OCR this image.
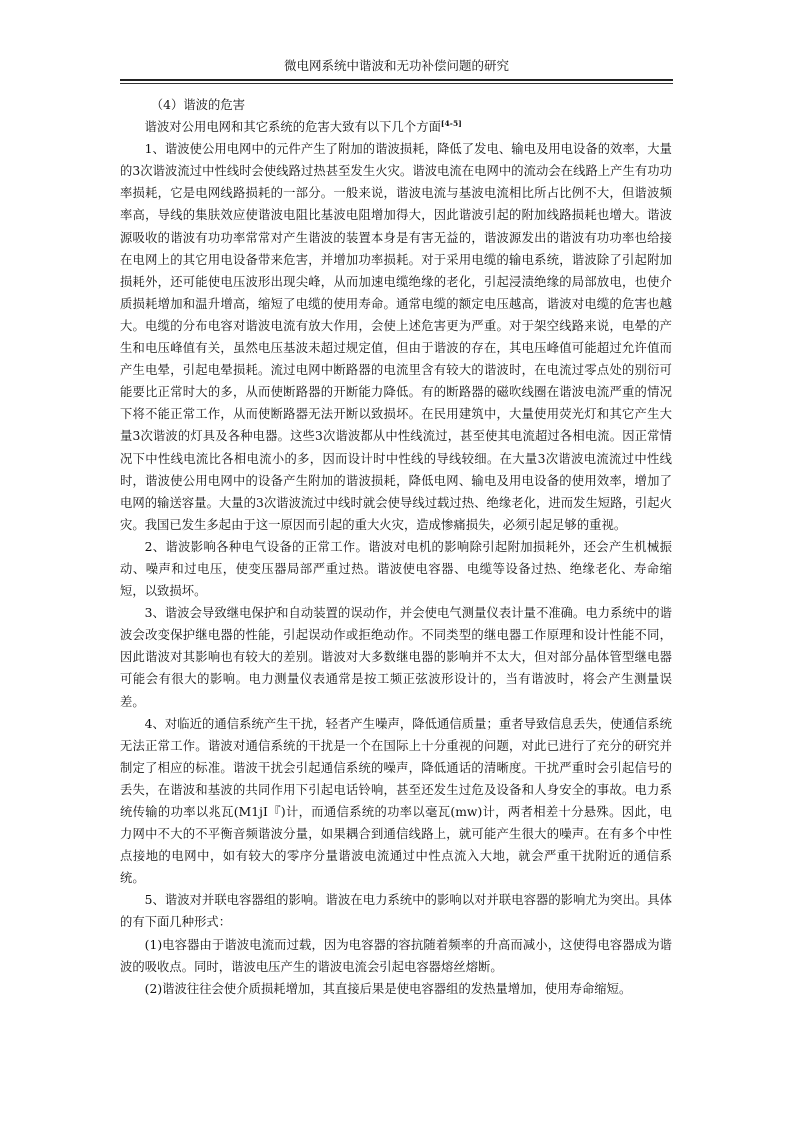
微电网系统中谐波和无功补偿问题的研究

（4）谐波的危害

谐波对公用电网和其它系统的危害大致有以下几个方面[4-5]

1、谐波使公用电网中的元件产生了附加的谐波损耗，降低了发电、输电及用电设备的效率，大量的3次谐波流过中性线时会使线路过热甚至发生火灾。谐波电流在电网中的流动会在线路上产生有功功率损耗，它是电网线路损耗的一部分。一般来说，谐波电流与基波电流相比所占比例不大，但谐波频率高，导线的集肤效应使谐波电阻比基波电阻增加得大，因此谐波引起的附加线路损耗也增大。谐波源吸收的谐波有功功率常常对产生谐波的装置本身是有害无益的，谐波源发出的谐波有功功率也给接在电网上的其它用电设备带来危害，并增加功率损耗。对于采用电缆的输电系统，谐波除了引起附加损耗外，还可能使电压波形出现尖峰，从而加速电缆绝缘的老化，引起浸渍绝缘的局部放电，也使介质损耗增加和温升增高，缩短了电缆的使用寿命。通常电缆的额定电压越高，谐波对电缆的危害也越大。电缆的分布电容对谐波电流有放大作用，会使上述危害更为严重。对于架空线路来说，电晕的产生和电压峰值有关，虽然电压基波未超过规定值，但由于谐波的存在，其电压峰值可能超过允许值而产生电晕，引起电晕损耗。流过电网中断路器的电流里含有较大的谐波时，在电流过零点处的别衍可能要比正常时大的多，从而使断路器的开断能力降低。有的断路器的磁吹线圈在谐波电流严重的情况下将不能正常工作，从而使断路器无法开断以致损坏。在民用建筑中，大量使用荧光灯和其它产生大量3次谐波的灯具及各种电器。这些3次谐波都从中性线流过，甚至使其电流超过各相电流。因正常情况下中性线电流比各相电流小的多，因而设计时中性线的导线较细。在大量3次谐波电流流过中性线时，谐波使公用电网中的设备产生附加的谐波损耗，降低电网、输电及用电设备的使用效率，增加了电网的输送容量。大量的3次谐波流过中线时就会使导线过载过热、绝缘老化，进而发生短路，引起火灾。我国已发生多起由于这一原因而引起的重大火灾，造成惨痛损失，必须引起足够的重视。

2、谐波影响各种电气设备的正常工作。谐波对电机的影响除引起附加损耗外，还会产生机械振动、噪声和过电压，使变压器局部严重过热。谐波使电容器、电缆等设备过热、绝缘老化、寿命缩短，以致损坏。

3、谐波会导致继电保护和自动装置的误动作，并会使电气测量仪表计量不准确。电力系统中的谐波会改变保护继电器的性能，引起误动作或拒绝动作。不同类型的继电器工作原理和设计性能不同，因此谐波对其影响也有较大的差别。谐波对大多数继电器的影响并不太大，但对部分晶体管型继电器可能会有很大的影响。电力测量仪表通常是按工频正弦波形设计的，当有谐波时，将会产生测量误差。

4、对临近的通信系统产生干扰，轻者产生噪声，降低通信质量；重者导致信息丢失，使通信系统无法正常工作。谐波对通信系统的干扰是一个在国际上十分重视的问题，对此已进行了充分的研究并制定了相应的标准。谐波干扰会引起通信系统的噪声，降低通话的清晰度。干扰严重时会引起信号的丢失，在谐波和基波的共同作用下引起电话铃响，甚至还发生过危及设备和人身安全的事故。电力系统传输的功率以兆瓦(M1jI『)计，而通信系统的功率以毫瓦(mw)计，两者相差十分悬殊。因此，电力网中不大的不平衡音频谐波分量，如果耦合到通信线路上，就可能产生很大的噪声。在有多个中性点接地的电网中，如有较大的零序分量谐波电流通过中性点流入大地，就会严重干扰附近的通信系统。

5、谐波对并联电容器组的影响。谐波在电力系统中的影响以对并联电容器的影响尤为突出。具体的有下面几种形式：

(1)电容器由于谐波电流而过载，因为电容器的容抗随着频率的升高而减小，这使得电容器成为谐波的吸收点。同时，谐波电压产生的谐波电流会引起电容器熔丝熔断。

(2)谐波往往会使介质损耗增加，其直接后果是使电容器组的发热量增加，使用寿命缩短。
